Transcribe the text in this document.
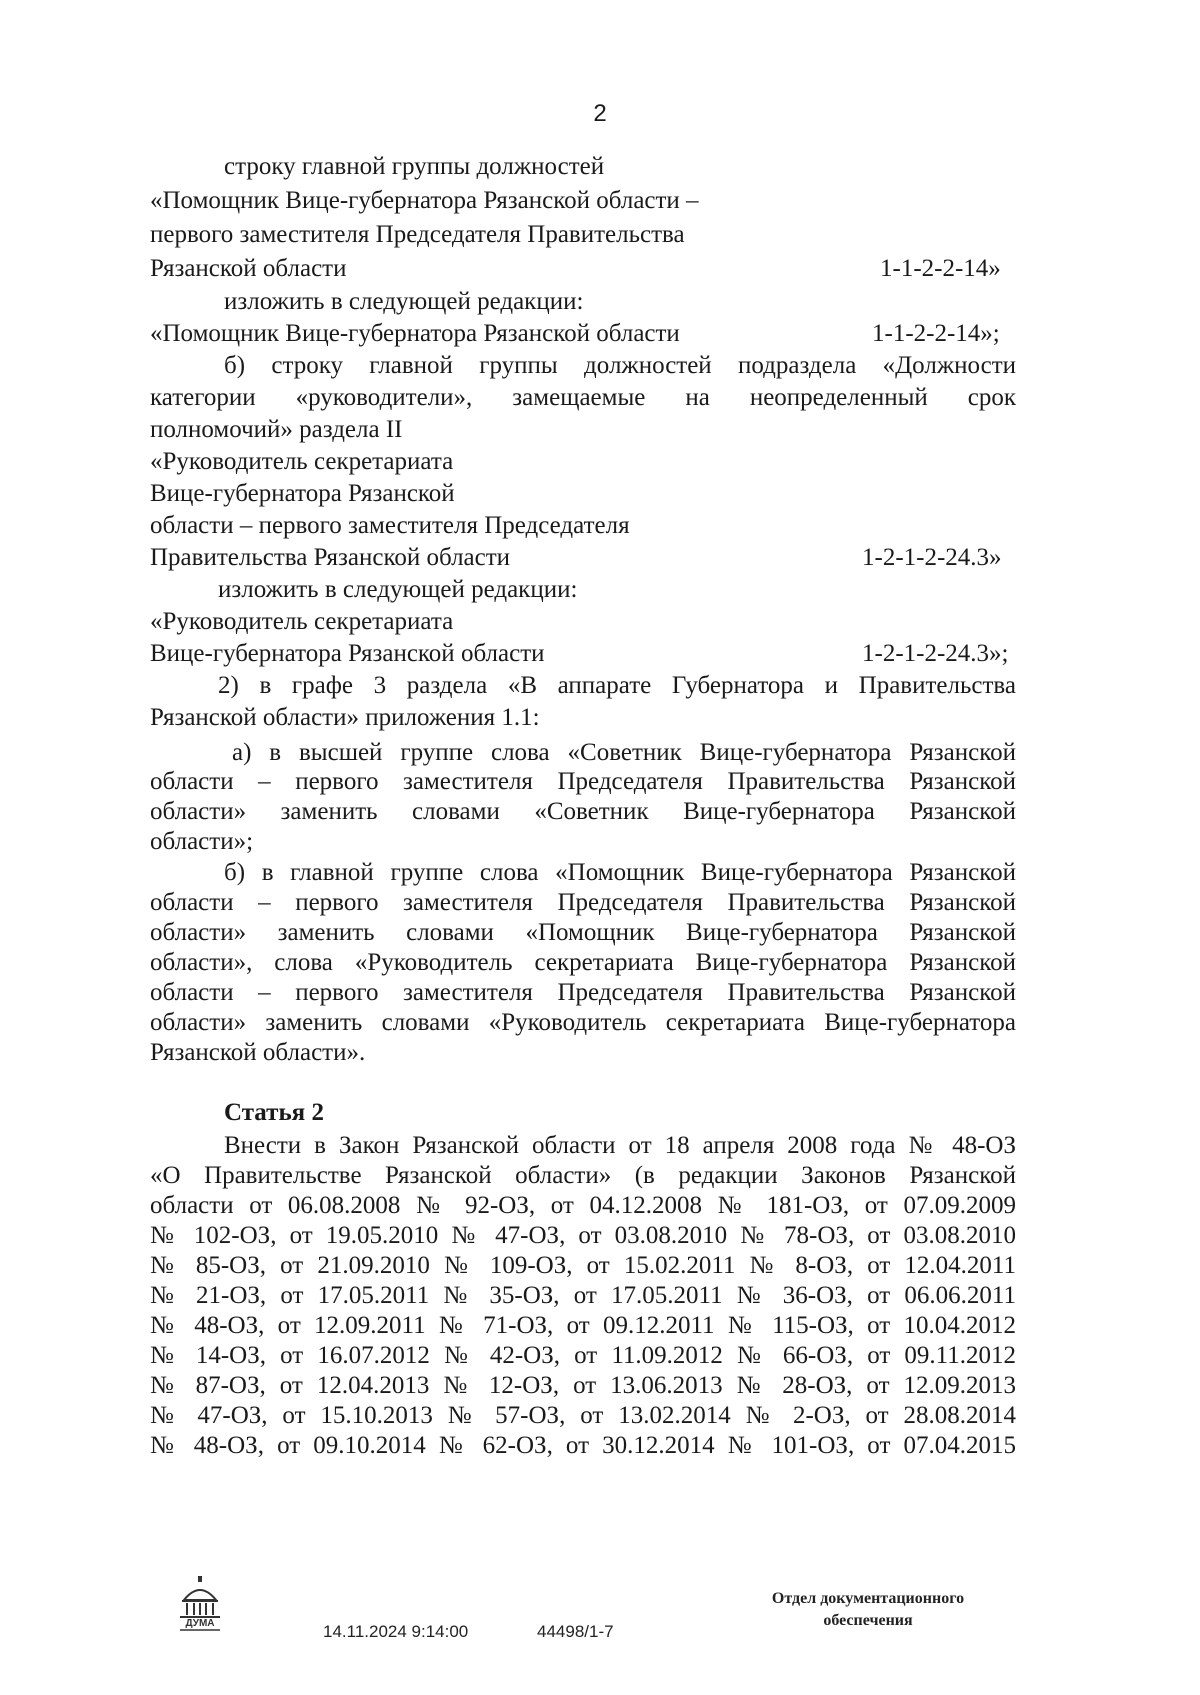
2
строку главной группы должностей
«Помощник Вице-губернатора Рязанской области –
первого заместителя Председателя Правительства
Рязанской области	1-1-2-2-14»
изложить в следующей редакции:
«Помощник Вице-губернатора Рязанской области	1-1-2-2-14»;
б) строку главной группы должностей подраздела «Должности
категории «руководители», замещаемые на неопределенный срок
полномочий» раздела II
«Руководитель секретариата
Вице-губернатора Рязанской
области – первого заместителя Председателя
Правительства Рязанской области	1-2-1-2-24.3»
изложить в следующей редакции:
«Руководитель секретариата
Вице-губернатора Рязанской области	1-2-1-2-24.3»;
2) в графе 3 раздела «В аппарате Губернатора и Правительства
Рязанской области» приложения 1.1:
а) в высшей группе слова «Советник Вице-губернатора Рязанской
области – первого заместителя Председателя Правительства Рязанской
области» заменить словами «Советник Вице-губернатора Рязанской
области»;
б) в главной группе слова «Помощник Вице-губернатора Рязанской
области – первого заместителя Председателя Правительства Рязанской
области» заменить словами «Помощник Вице-губернатора Рязанской
области», слова «Руководитель секретариата Вице-губернатора Рязанской
области – первого заместителя Председателя Правительства Рязанской
области» заменить словами «Руководитель секретариата Вице-губернатора
Рязанской области».
Статья 2
Внести в Закон Рязанской области от 18 апреля 2008 года № 48-ОЗ
«О Правительстве Рязанской области» (в редакции Законов Рязанской
области от 06.08.2008 № 92-ОЗ, от 04.12.2008 № 181-ОЗ, от 07.09.2009
№ 102-ОЗ, от 19.05.2010 № 47-ОЗ, от 03.08.2010 № 78-ОЗ, от 03.08.2010
№ 85-ОЗ, от 21.09.2010 № 109-ОЗ, от 15.02.2011 № 8-ОЗ, от 12.04.2011
№ 21-ОЗ, от 17.05.2011 № 35-ОЗ, от 17.05.2011 № 36-ОЗ, от 06.06.2011
№ 48-ОЗ, от 12.09.2011 № 71-ОЗ, от 09.12.2011 № 115-ОЗ, от 10.04.2012
№ 14-ОЗ, от 16.07.2012 № 42-ОЗ, от 11.09.2012 № 66-ОЗ, от 09.11.2012
№ 87-ОЗ, от 12.04.2013 № 12-ОЗ, от 13.06.2013 № 28-ОЗ, от 12.09.2013
№ 47-ОЗ, от 15.10.2013 № 57-ОЗ, от 13.02.2014 № 2-ОЗ, от 28.08.2014
№ 48-ОЗ, от 09.10.2014 № 62-ОЗ, от 30.12.2014 № 101-ОЗ, от 07.04.2015
ДУМА	14.11.2024 9:14:00	44498/1-7
Отдел документационного
обеспечения
